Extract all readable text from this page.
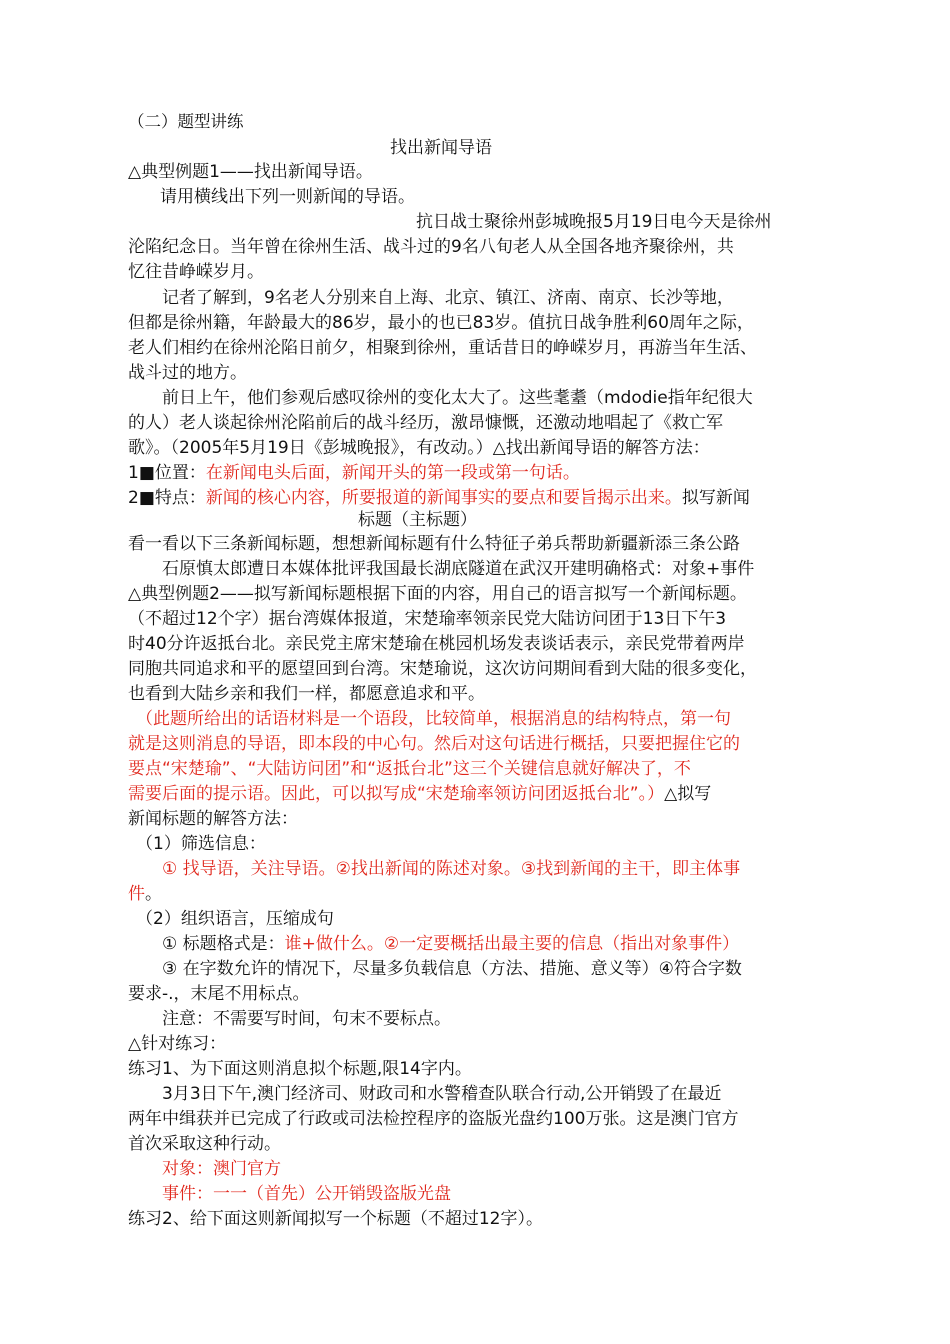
（二）题型讲练
找出新闻导语
△典型例题1——找出新闻导语。
请用横线出下列一则新闻的导语。
抗日战士聚徐州彭城晚报5月19日电今天是徐州
沦陷纪念日。当年曾在徐州生活、战斗过的9名八旬老人从全国各地齐聚徐州，共
忆往昔峥嵘岁月。
记者了解到，9名老人分别来自上海、北京、镇江、济南、南京、长沙等地，
但都是徐州籍，年龄最大的86岁，最小的也已83岁。值抗日战争胜利60周年之际，
老人们相约在徐州沦陷日前夕，相聚到徐州，重话昔日的峥嵘岁月，再游当年生活、
战斗过的地方。
前日上午，他们参观后感叹徐州的变化太大了。这些耄耋（mdodie指年纪很大
的人）老人谈起徐州沦陷前后的战斗经历，激昂慷慨，还激动地唱起了《救亡军
歌》。（2005年5月19日《彭城晚报》，有改动。）△找出新闻导语的解答方法：
1■位置：在新闻电头后面，新闻开头的第一段或第一句话。
2■特点：新闻的核心内容，所要报道的新闻事实的要点和要旨揭示出来。拟写新闻
标题（主标题）
看一看以下三条新闻标题，想想新闻标题有什么特征子弟兵帮助新疆新添三条公路
石原慎太郎遭日本媒体批评我国最长湖底隧道在武汉开建明确格式：对象+事件
△典型例题2——拟写新闻标题根据下面的内容，用自己的语言拟写一个新闻标题。
（不超过12个字）据台湾媒体报道，宋楚瑜率领亲民党大陆访问团于13日下午3
时40分许返抵台北。亲民党主席宋楚瑜在桃园机场发表谈话表示，亲民党带着两岸
同胞共同追求和平的愿望回到台湾。宋楚瑜说，这次访问期间看到大陆的很多变化，
也看到大陆乡亲和我们一样，都愿意追求和平。
（此题所给出的话语材料是一个语段，比较简单，根据消息的结构特点，第一句
就是这则消息的导语，即本段的中心句。然后对这句话进行概括，只要把握住它的
要点“宋楚瑜”、“大陆访问团”和“返抵台北”这三个关键信息就好解决了，不
需要后面的提示语。因此，可以拟写成“宋楚瑜率领访问团返抵台北”。）△拟写
新闻标题的解答方法：
（1）筛选信息：
① 找导语，关注导语。②找出新闻的陈述对象。③找到新闻的主干，即主体事
件。
（2）组织语言，压缩成句
① 标题格式是：谁+做什么。②一定要概括出最主要的信息（指出对象事件）
③ 在字数允许的情况下，尽量多负载信息（方法、措施、意义等）④符合字数
要求-.，末尾不用标点。
注意：不需要写时间，句末不要标点。
△针对练习：
练习1、为下面这则消息拟个标题,限14字内。
3月3日下午,澳门经济司、财政司和水警稽查队联合行动,公开销毁了在最近
两年中缉获并已完成了行政或司法检控程序的盗版光盘约100万张。这是澳门官方
首次采取这种行动。
对象：澳门官方
事件：一一（首先）公开销毁盗版光盘
练习2、给下面这则新闻拟写一个标题（不超过12字）。
